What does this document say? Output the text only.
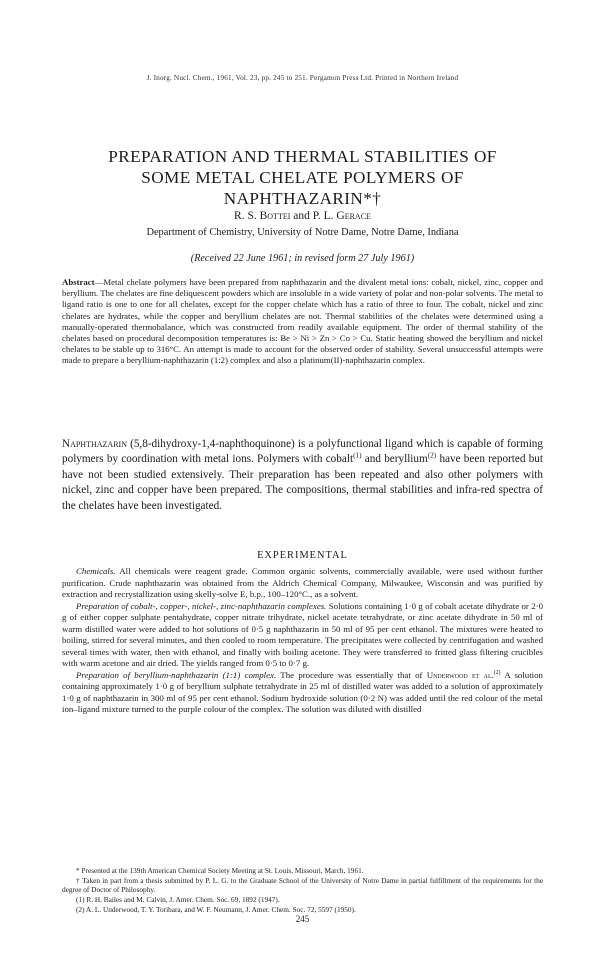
J. Inorg. Nucl. Chem., 1961, Vol. 23, pp. 245 to 251. Pergamon Press Ltd. Printed in Northern Ireland
PREPARATION AND THERMAL STABILITIES OF
SOME METAL CHELATE POLYMERS OF
NAPHTHAZARIN*†
R. S. Bottei and P. L. Gerace
Department of Chemistry, University of Notre Dame, Notre Dame, Indiana
(Received 22 June 1961; in revised form 27 July 1961)
Abstract—Metal chelate polymers have been prepared from naphthazarin and the divalent metal ions: cobalt, nickel, zinc, copper and beryllium. The chelates are fine deliquescent powders which are insoluble in a wide variety of polar and non-polar solvents. The metal to ligand ratio is one to one for all chelates, except for the copper chelate which has a ratio of three to four. The cobalt, nickel and zinc chelates are hydrates, while the copper and beryllium chelates are not. Thermal stabilities of the chelates were determined using a manually-operated thermobalance, which was constructed from readily available equipment. The order of thermal stability of the chelates based on procedural decomposition temperatures is: Be > Ni > Zn > Co > Cu. Static heating showed the beryllium and nickel chelates to be stable up to 316°C. An attempt is made to account for the observed order of stability. Several unsuccessful attempts were made to prepare a beryllium-naphthazarin (1:2) complex and also a platinum(II)-naphthazarin complex.
Naphthazarin (5,8-dihydroxy-1,4-naphthoquinone) is a polyfunctional ligand which is capable of forming polymers by coordination with metal ions. Polymers with cobalt$^{(1)}$ and beryllium$^{(2)}$ have been reported but have not been studied extensively. Their preparation has been repeated and also other polymers with nickel, zinc and copper have been prepared. The compositions, thermal stabilities and infra-red spectra of the chelates have been investigated.
EXPERIMENTAL

Chemicals. All chemicals were reagent grade. Common organic solvents, commercially available, were used without further purification. Crude naphthazarin was obtained from the Aldrich Chemical Company, Milwaukee, Wisconsin and was purified by extraction and recrystallization using skelly-solve E, b.p., 100–120°C., as a solvent.

Preparation of cobalt-, copper-, nickel-, zinc-naphthazarin complexes. Solutions containing 1·0 g of cobalt acetate dihydrate or 2·0 g of either copper sulphate pentahydrate, copper nitrate trihydrate, nickel acetate tetrahydrate, or zinc acetate dihydrate in 50 ml of warm distilled water were added to hot solutions of 0·5 g naphthazarin in 50 ml of 95 per cent ethanol. The mixtures were heated to boiling, stirred for several minutes, and then cooled to room temperature. The precipitates were collected by centrifugation and washed several times with water, then with ethanol, and finally with boiling acetone. They were transferred to fritted glass filtering crucibles with warm acetone and air dried. The yields ranged from 0·5 to 0·7 g.

Preparation of beryllium-naphthazarin (1:1) complex. The procedure was essentially that of Underwood et al.$^{(2)}$ A solution containing approximately 1·0 g of beryllium sulphate tetrahydrate in 25 ml of distilled water was added to a solution of approximately 1·0 g of naphthazarin in 300 ml of 95 per cent ethanol. Sodium hydroxide solution (0·2 N) was added until the red colour of the metal ion–ligand mixture turned to the purple colour of the complex. The solution was diluted with distilled

* Presented at the 139th American Chemical Society Meeting at St. Louis, Missouri, March, 1961.

† Taken in part from a thesis submitted by P. L. G. to the Graduate School of the University of Notre Dame in partial fulfillment of the requirements for the degree of Doctor of Philosophy.

(1) R. H. Bailes and M. Calvin, J. Amer. Chem. Soc. 69, 1892 (1947).

(2) A. L. Underwood, T. Y. Toribara, and W. F. Neumann, J. Amer. Chem. Soc. 72, 5597 (1950).

245
